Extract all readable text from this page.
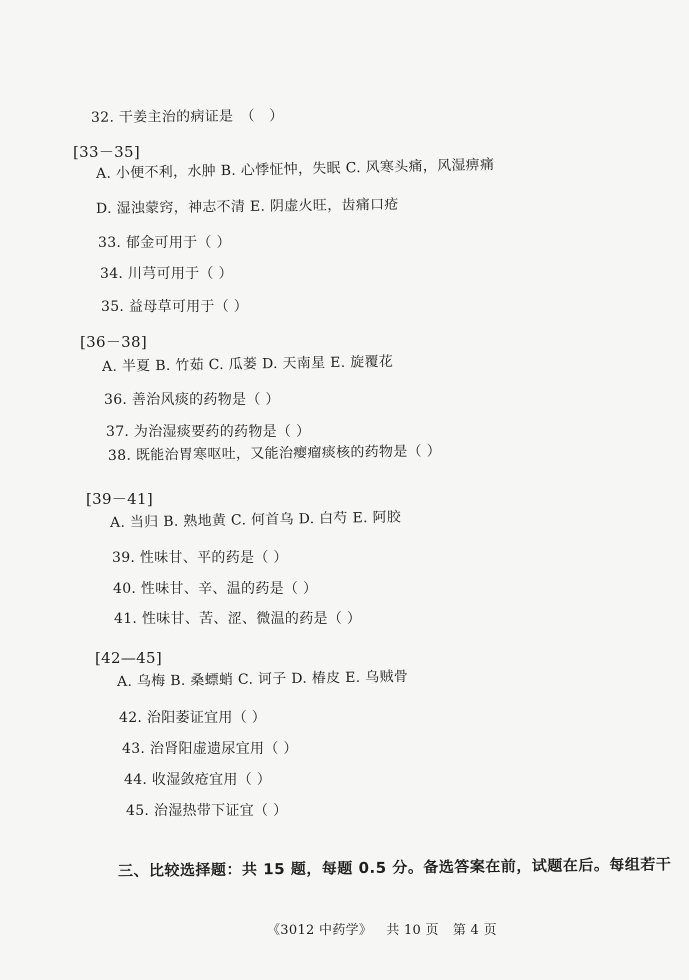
32. 干姜主治的病证是　（　）
[33－35]
A. 小便不利，水肿 B. 心悸怔忡，失眠 C. 风寒头痛，风湿痹痛
D. 湿浊蒙窍，神志不清 E. 阴虚火旺，齿痛口疮
33. 郁金可用于（ ）
34. 川芎可用于（ ）
35. 益母草可用于（ ）
[36－38]
A. 半夏 B. 竹茹 C. 瓜蒌 D. 天南星 E. 旋覆花
36. 善治风痰的药物是（ ）
37. 为治湿痰要药的药物是（ ）
38. 既能治胃寒呕吐，又能治瘿瘤痰核的药物是（ ）
[39－41]
A. 当归 B. 熟地黄 C. 何首乌 D. 白芍 E. 阿胶
39. 性味甘、平的药是（ ）
40. 性味甘、辛、温的药是（ ）
41. 性味甘、苦、涩、微温的药是（ ）
[42—45]
A. 乌梅 B. 桑螵蛸 C. 诃子 D. 椿皮 E. 乌贼骨
42. 治阳萎证宜用（ ）
43. 治肾阳虚遗尿宜用（ ）
44. 收湿敛疮宜用（ ）
45. 治湿热带下证宜（ ）
三、比较选择题：共 15 题，每题 0.5 分。备选答案在前，试题在后。每组若干
《3012 中药学》 共 10 页 第 4 页
